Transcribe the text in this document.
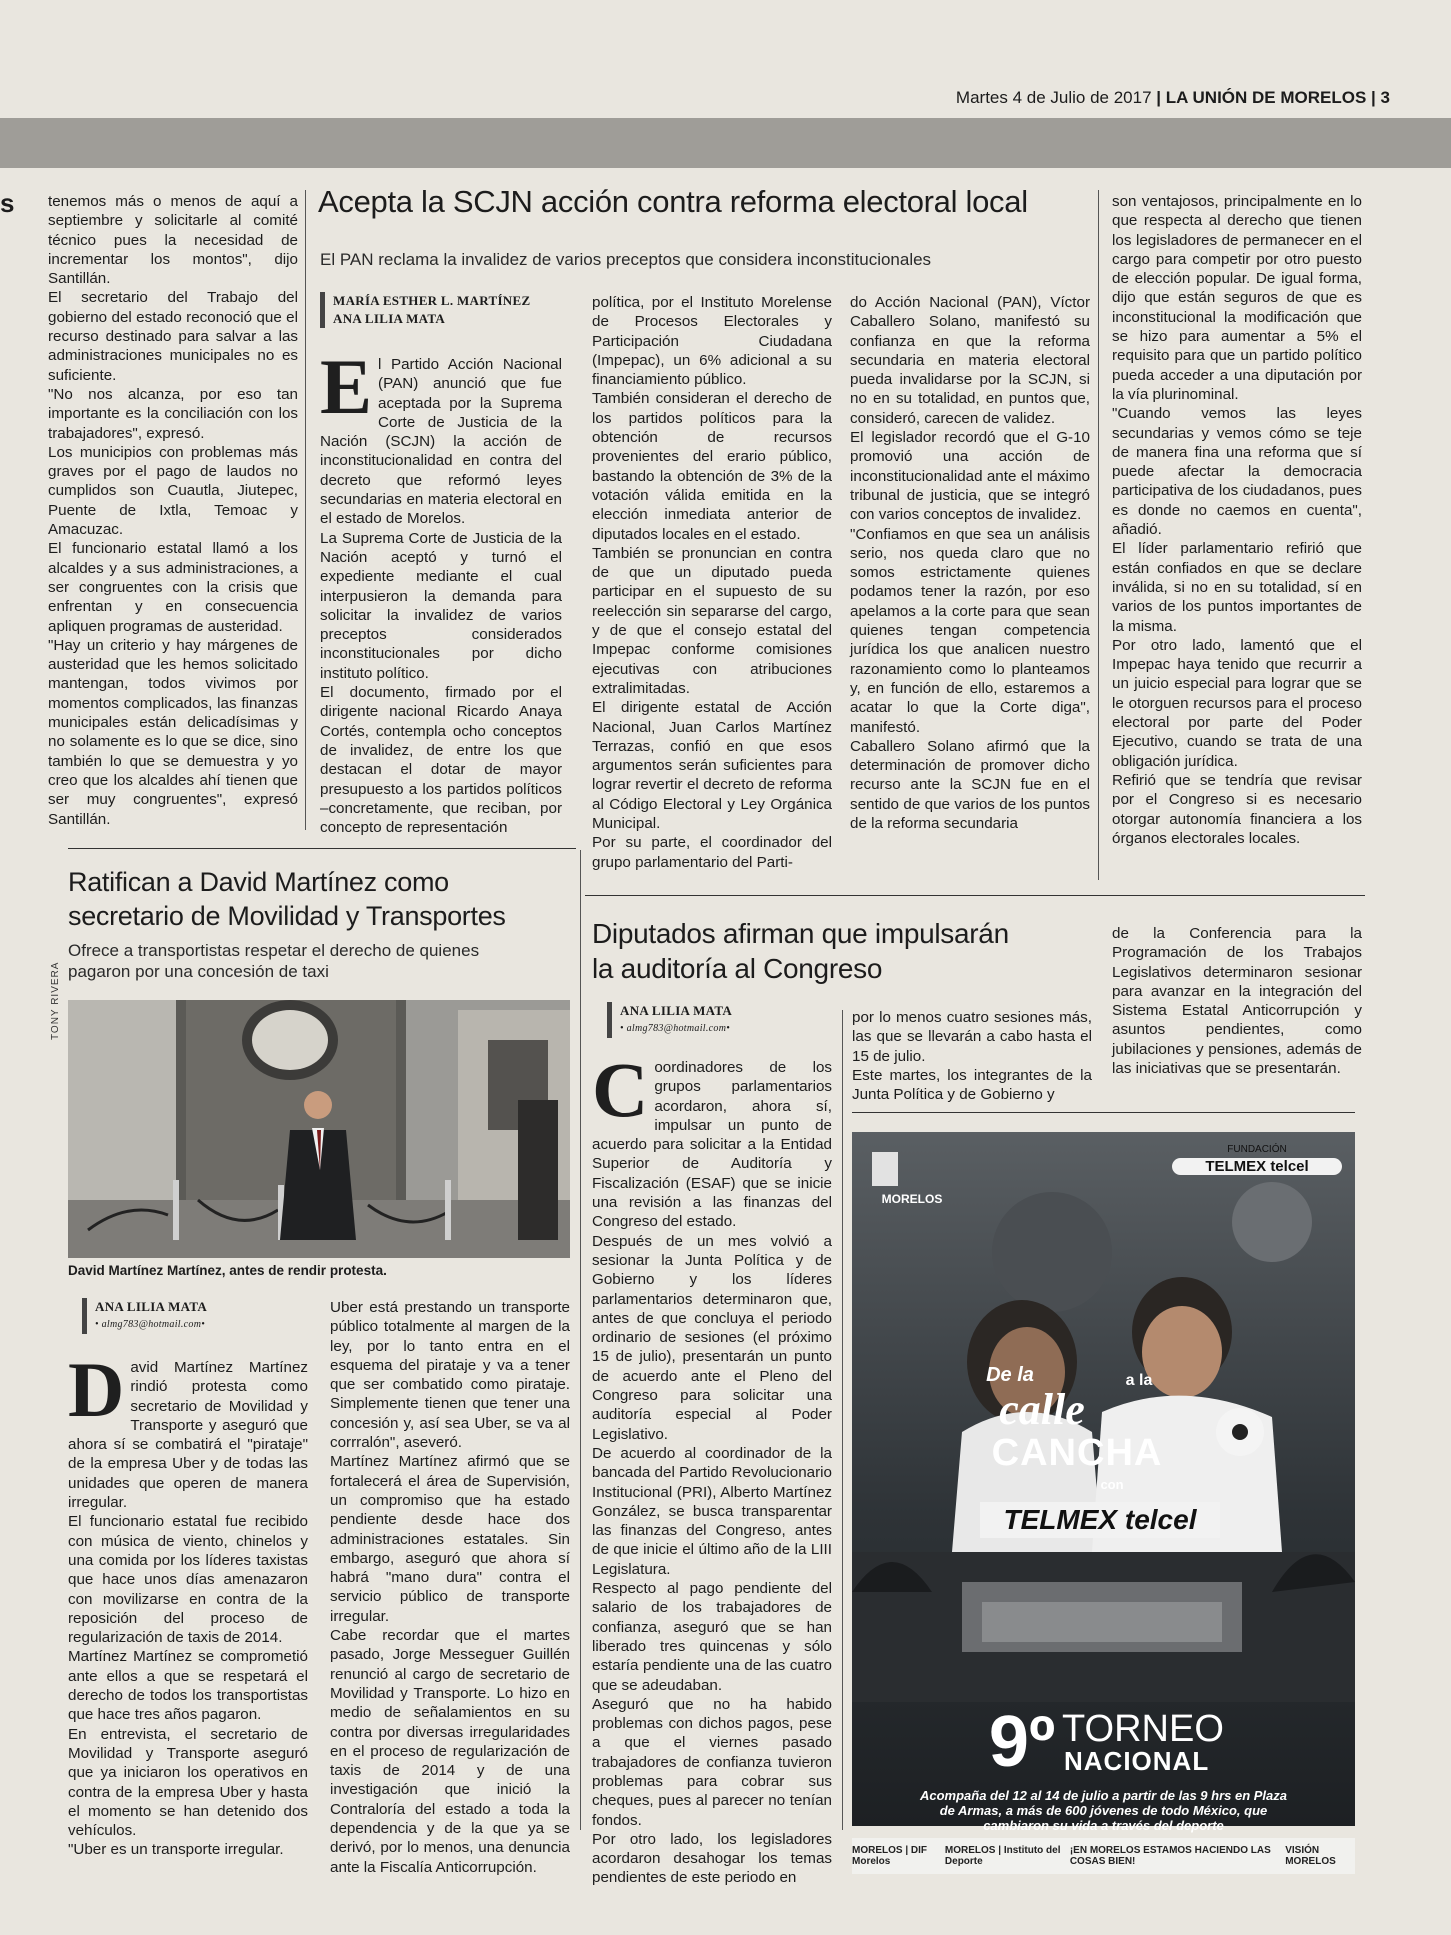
Martes 4 de Julio de 2017 | LA UNIÓN DE MORELOS | 3
s tenemos más o menos de aquí a septiembre y solicitarle al comité técnico pues la necesidad de incrementar los montos", dijo Santillán.

El secretario del Trabajo del gobierno del estado reconoció que el recurso destinado para salvar a las administraciones municipales no es suficiente.

"No nos alcanza, por eso tan importante es la conciliación con los trabajadores", expresó.

Los municipios con problemas más graves por el pago de laudos no cumplidos son Cuautla, Jiutepec, Puente de Ixtla, Temoac y Amacuzac.

El funcionario estatal llamó a los alcaldes y a sus administraciones, a ser congruentes con la crisis que enfrentan y en consecuencia apliquen programas de austeridad.

"Hay un criterio y hay márgenes de austeridad que les hemos solicitado mantengan, todos vivimos por momentos complicados, las finanzas municipales están delicadísimas y no solamente es lo que se dice, sino también lo que se demuestra y yo creo que los alcaldes ahí tienen que ser muy congruentes", expresó Santillán.

Acepta la SCJN acción contra reforma electoral local
El PAN reclama la invalidez de varios preceptos que considera inconstitucionales
MARÍA ESTHER L. MARTÍNEZ
ANA LILIA MATA
E l Partido Acción Nacional (PAN) anunció que fue aceptada por la Suprema Corte de Justicia de la Nación (SCJN) la acción de inconstitucionalidad en contra del decreto que reformó leyes secundarias en materia electoral en el estado de Morelos.

La Suprema Corte de Justicia de la Nación aceptó y turnó el expediente mediante el cual interpusieron la demanda para solicitar la invalidez de varios preceptos considerados inconstitucionales por dicho instituto político.

El documento, firmado por el dirigente nacional Ricardo Anaya Cortés, contempla ocho conceptos de invalidez, de entre los que destacan el dotar de mayor presupuesto a los partidos políticos –concretamente, que reciban, por concepto de representación

política, por el Instituto Morelense de Procesos Electorales y Participación Ciudadana (Impepac), un 6% adicional a su financiamiento público.

También consideran el derecho de los partidos políticos para la obtención de recursos provenientes del erario público, bastando la obtención de 3% de la votación válida emitida en la elección inmediata anterior de diputados locales en el estado.

También se pronuncian en contra de que un diputado pueda participar en el supuesto de su reelección sin separarse del cargo, y de que el consejo estatal del Impepac conforme comisiones ejecutivas con atribuciones extralimitadas.

El dirigente estatal de Acción Nacional, Juan Carlos Martínez Terrazas, confió en que esos argumentos serán suficientes para lograr revertir el decreto de reforma al Código Electoral y Ley Orgánica Municipal.

Por su parte, el coordinador del grupo parlamentario del Parti-

do Acción Nacional (PAN), Víctor Caballero Solano, manifestó su confianza en que la reforma secundaria en materia electoral pueda invalidarse por la SCJN, si no en su totalidad, en puntos que, consideró, carecen de validez.

El legislador recordó que el G-10 promovió una acción de inconstitucionalidad ante el máximo tribunal de justicia, que se integró con varios conceptos de invalidez.

"Confiamos en que sea un análisis serio, nos queda claro que no somos estrictamente quienes podamos tener la razón, por eso apelamos a la corte para que sean quienes tengan competencia jurídica los que analicen nuestro razonamiento como lo planteamos y, en función de ello, estaremos a acatar lo que la Corte diga", manifestó.

Caballero Solano afirmó que la determinación de promover dicho recurso ante la SCJN fue en el sentido de que varios de los puntos de la reforma secundaria

son ventajosos, principalmente en lo que respecta al derecho que tienen los legisladores de permanecer en el cargo para competir por otro puesto de elección popular. De igual forma, dijo que están seguros de que es inconstitucional la modificación que se hizo para aumentar a 5% el requisito para que un partido político pueda acceder a una diputación por la vía plurinominal.

"Cuando vemos las leyes secundarias y vemos cómo se teje de manera fina una reforma que sí puede afectar la democracia participativa de los ciudadanos, pues es donde no caemos en cuenta", añadió.

El líder parlamentario refirió que están confiados en que se declare inválida, si no en su totalidad, sí en varios de los puntos importantes de la misma.

Por otro lado, lamentó que el Impepac haya tenido que recurrir a un juicio especial para lograr que se le otorguen recursos para el proceso electoral por parte del Poder Ejecutivo, cuando se trata de una obligación jurídica.

Refirió que se tendría que revisar por el Congreso si es necesario otorgar autonomía financiera a los órganos electorales locales.

Ratifican a David Martínez como
secretario de Movilidad y Transportes
Ofrece a transportistas respetar el derecho de quienes
pagaron por una concesión de taxi
TONY RIVERA
David Martínez Martínez, antes de rendir protesta.
ANA LILIA MATA
• almg783@hotmail.com•
D avid Martínez Martínez rindió protesta como secretario de Movilidad y Transporte y aseguró que ahora sí se combatirá el "pirataje" de la empresa Uber y de todas las unidades que operen de manera irregular.

El funcionario estatal fue recibido con música de viento, chinelos y una comida por los líderes taxistas que hace unos días amenazaron con movilizarse en contra de la reposición del proceso de regularización de taxis de 2014.

Martínez Martínez se comprometió ante ellos a que se respetará el derecho de todos los transportistas que hace tres años pagaron.

En entrevista, el secretario de Movilidad y Transporte aseguró que ya iniciaron los operativos en contra de la empresa Uber y hasta el momento se han detenido dos vehículos.

"Uber es un transporte irregular.

Uber está prestando un transporte público totalmente al margen de la ley, por lo tanto entra en el esquema del pirataje y va a tener que ser combatido como pirataje. Simplemente tienen que tener una concesión y, así sea Uber, se va al corrralón", aseveró.

Martínez Martínez afirmó que se fortalecerá el área de Supervisión, un compromiso que ha estado pendiente desde hace dos administraciones estatales. Sin embargo, aseguró que ahora sí habrá "mano dura" contra el servicio público de transporte irregular.

Cabe recordar que el martes pasado, Jorge Messeguer Guillén renunció al cargo de secretario de Movilidad y Transporte. Lo hizo en medio de señalamientos en su contra por diversas irregularidades en el proceso de regularización de taxis de 2014 y de una investigación que inició la Contraloría del estado a toda la dependencia y de la que ya se derivó, por lo menos, una denuncia ante la Fiscalía Anticorrupción.

Diputados afirman que impulsarán
la auditoría al Congreso
ANA LILIA MATA
• almg783@hotmail.com•
C oordinadores de los grupos parlamentarios acordaron, ahora sí, impulsar un punto de acuerdo para solicitar a la Entidad Superior de Auditoría y Fiscalización (ESAF) que se inicie una revisión a las finanzas del Congreso del estado.

Después de un mes volvió a sesionar la Junta Política y de Gobierno y los líderes parlamentarios determinaron que, antes de que concluya el periodo ordinario de sesiones (el próximo 15 de julio), presentarán un punto de acuerdo ante el Pleno del Congreso para solicitar una auditoría especial al Poder Legislativo.

De acuerdo al coordinador de la bancada del Partido Revolucionario Institucional (PRI), Alberto Martínez González, se busca transparentar las finanzas del Congreso, antes de que inicie el último año de la LIII Legislatura.

Respecto al pago pendiente del salario de los trabajadores de confianza, aseguró que se han liberado tres quincenas y sólo estaría pendiente una de las cuatro que se adeudaban.

Aseguró que no ha habido problemas con dichos pagos, pese a que el viernes pasado trabajadores de confianza tuvieron problemas para cobrar sus cheques, pues al parecer no tenían fondos.

Por otro lado, los legisladores acordaron desahogar los temas pendientes de este periodo en

por lo menos cuatro sesiones más, las que se llevarán a cabo hasta el 15 de julio.

Este martes, los integrantes de la Junta Política y de Gobierno y

de la Conferencia para la Programación de los Trabajos Legislativos determinaron sesionar para avanzar en la integración del Sistema Estatal Anticorrupción y asuntos pendientes, como jubilaciones y pensiones, además de las iniciativas que se presentarán.

FUNDACIÓN
TELMEX telcel
MORELOS
De la
calle
a la
CANCHA
con
TELMEX telcel
9º TORNEO
NACIONAL
Acompaña del 12 al 14 de julio a partir de las 9 hrs en Plaza
de Armas, a más de 600 jóvenes de todo México, que
cambiaron su vida a través del deporte
MORELOS | DIF Morelos
MORELOS | Instituto del Deporte
¡EN MORELOS ESTAMOS HACIENDO LAS COSAS BIEN!
VISIÓN MORELOS
